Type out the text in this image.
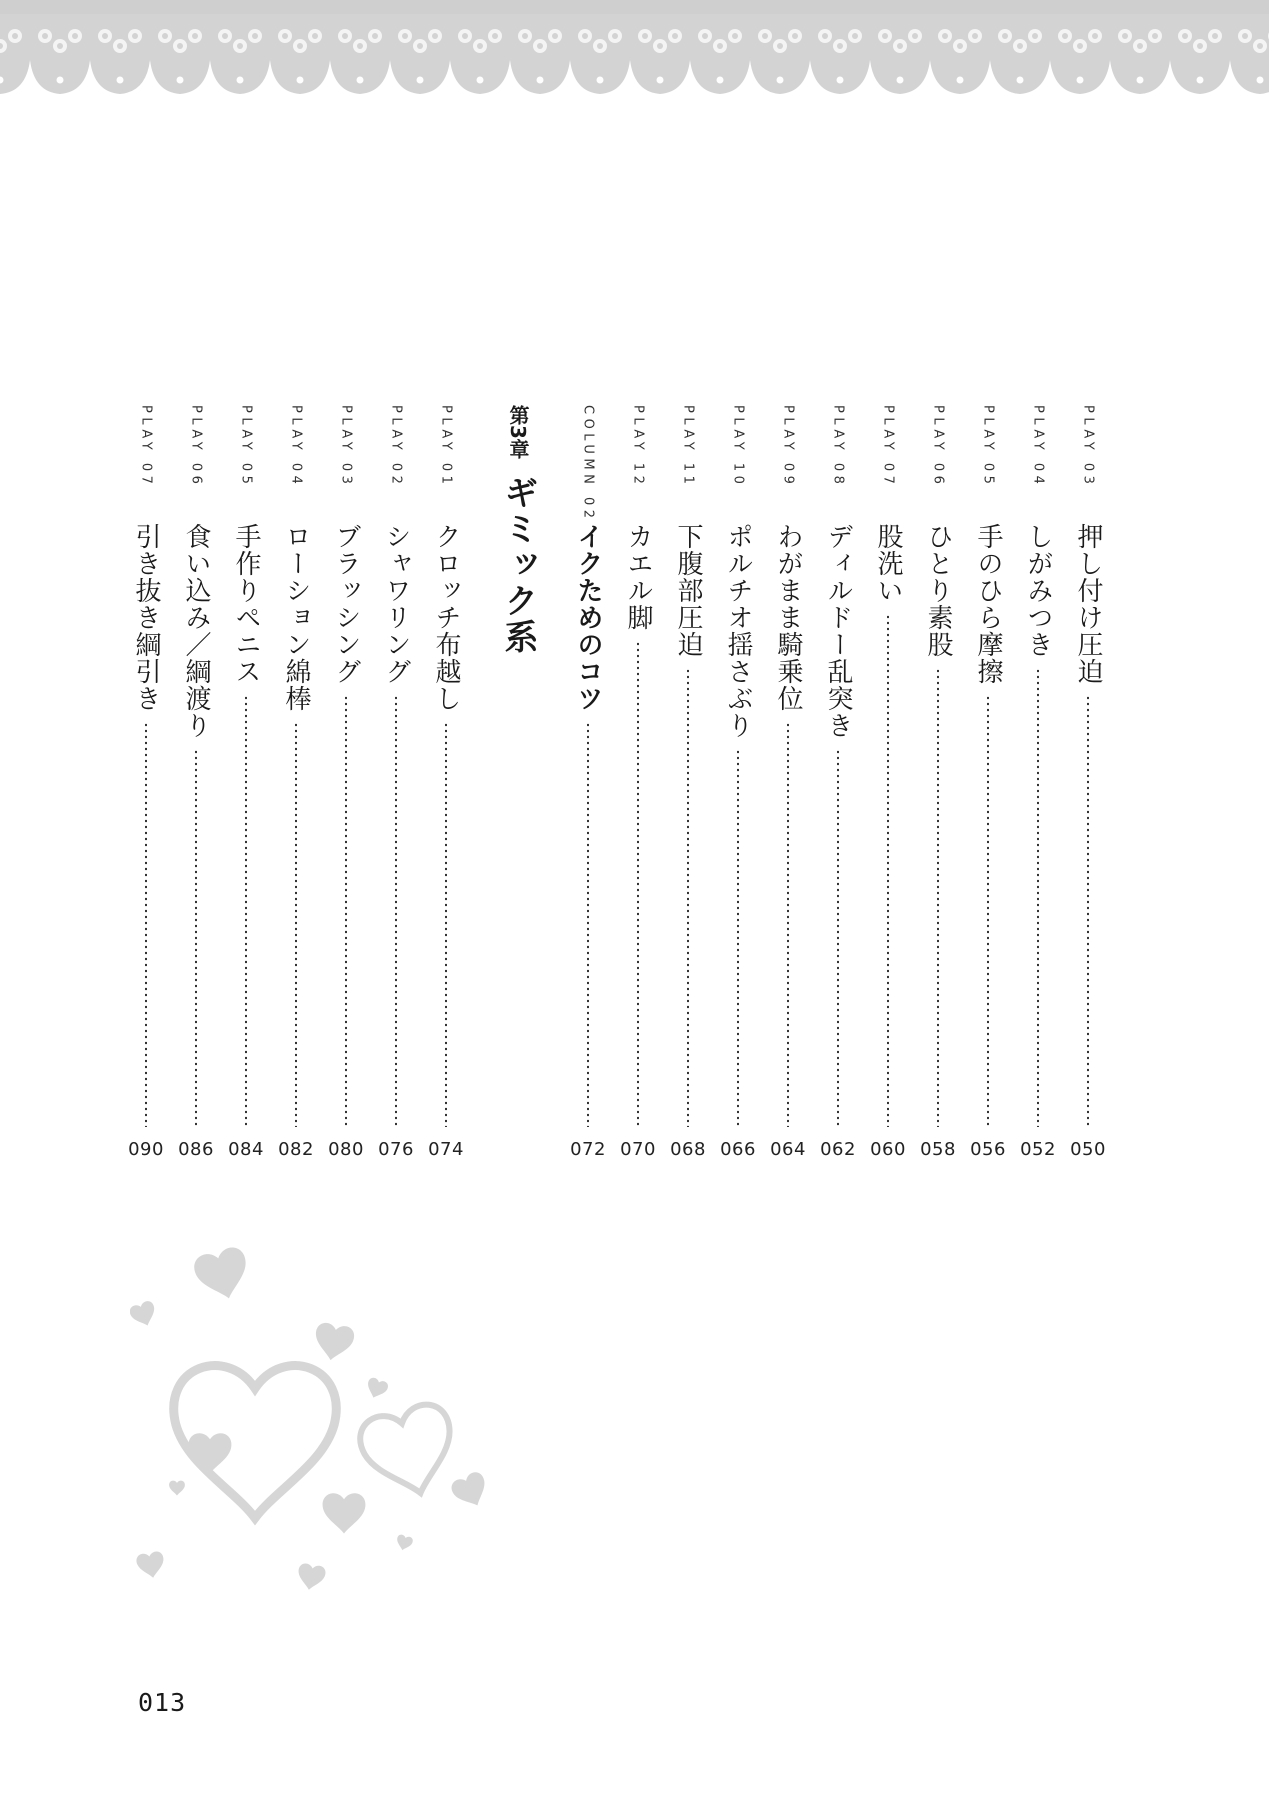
PLAY 03
押し付け圧迫
050
PLAY 04
しがみつき
052
PLAY 05
手のひら摩擦
056
PLAY 06
ひとり素股
058
PLAY 07
股洗い
060
PLAY 08
ディルドー乱突き
062
PLAY 09
わがまま騎乗位
064
PLAY 10
ポルチオ揺さぶり
066
PLAY 11
下腹部圧迫
068
PLAY 12
カエル脚
070
COLUMN 02
イクためのコツ
072
PLAY 01
クロッチ布越し
074
PLAY 02
シャワリング
076
PLAY 03
ブラッシング
080
PLAY 04
ローション綿棒
082
PLAY 05
手作りペニス
084
PLAY 06
食い込み／綱渡り
086
PLAY 07
引き抜き綱引き
090
第3章
ギミック系
013
